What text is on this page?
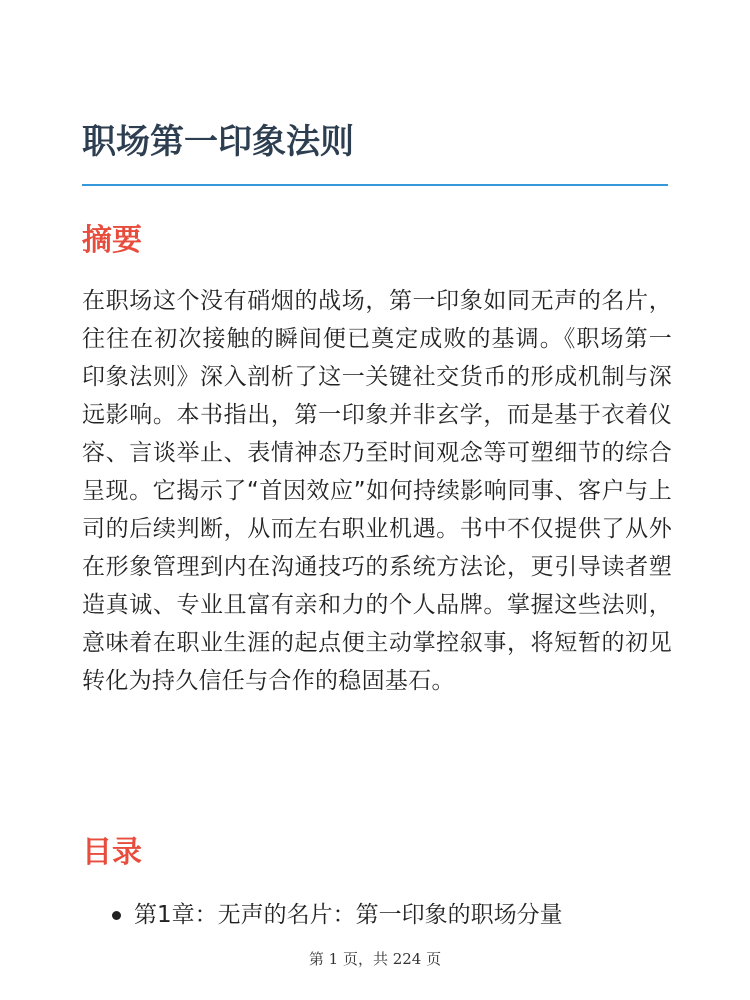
职场第一印象法则
摘要

在职场这个没有硝烟的战场，第一印象如同无声的名片，往往在初次接触的瞬间便已奠定成败的基调。《职场第一印象法则》深入剖析了这一关键社交货币的形成机制与深远影响。本书指出，第一印象并非玄学，而是基于衣着仪容、言谈举止、表情神态乃至时间观念等可塑细节的综合呈现。它揭示了“首因效应”如何持续影响同事、客户与上司的后续判断，从而左右职业机遇。书中不仅提供了从外在形象管理到内在沟通技巧的系统方法论，更引导读者塑造真诚、专业且富有亲和力的个人品牌。掌握这些法则，意味着在职业生涯的起点便主动掌控叙事，将短暂的初见转化为持久信任与合作的稳固基石。

目录
第1章：无声的名片：第一印象的职场分量
第 1 页，共 224 页
